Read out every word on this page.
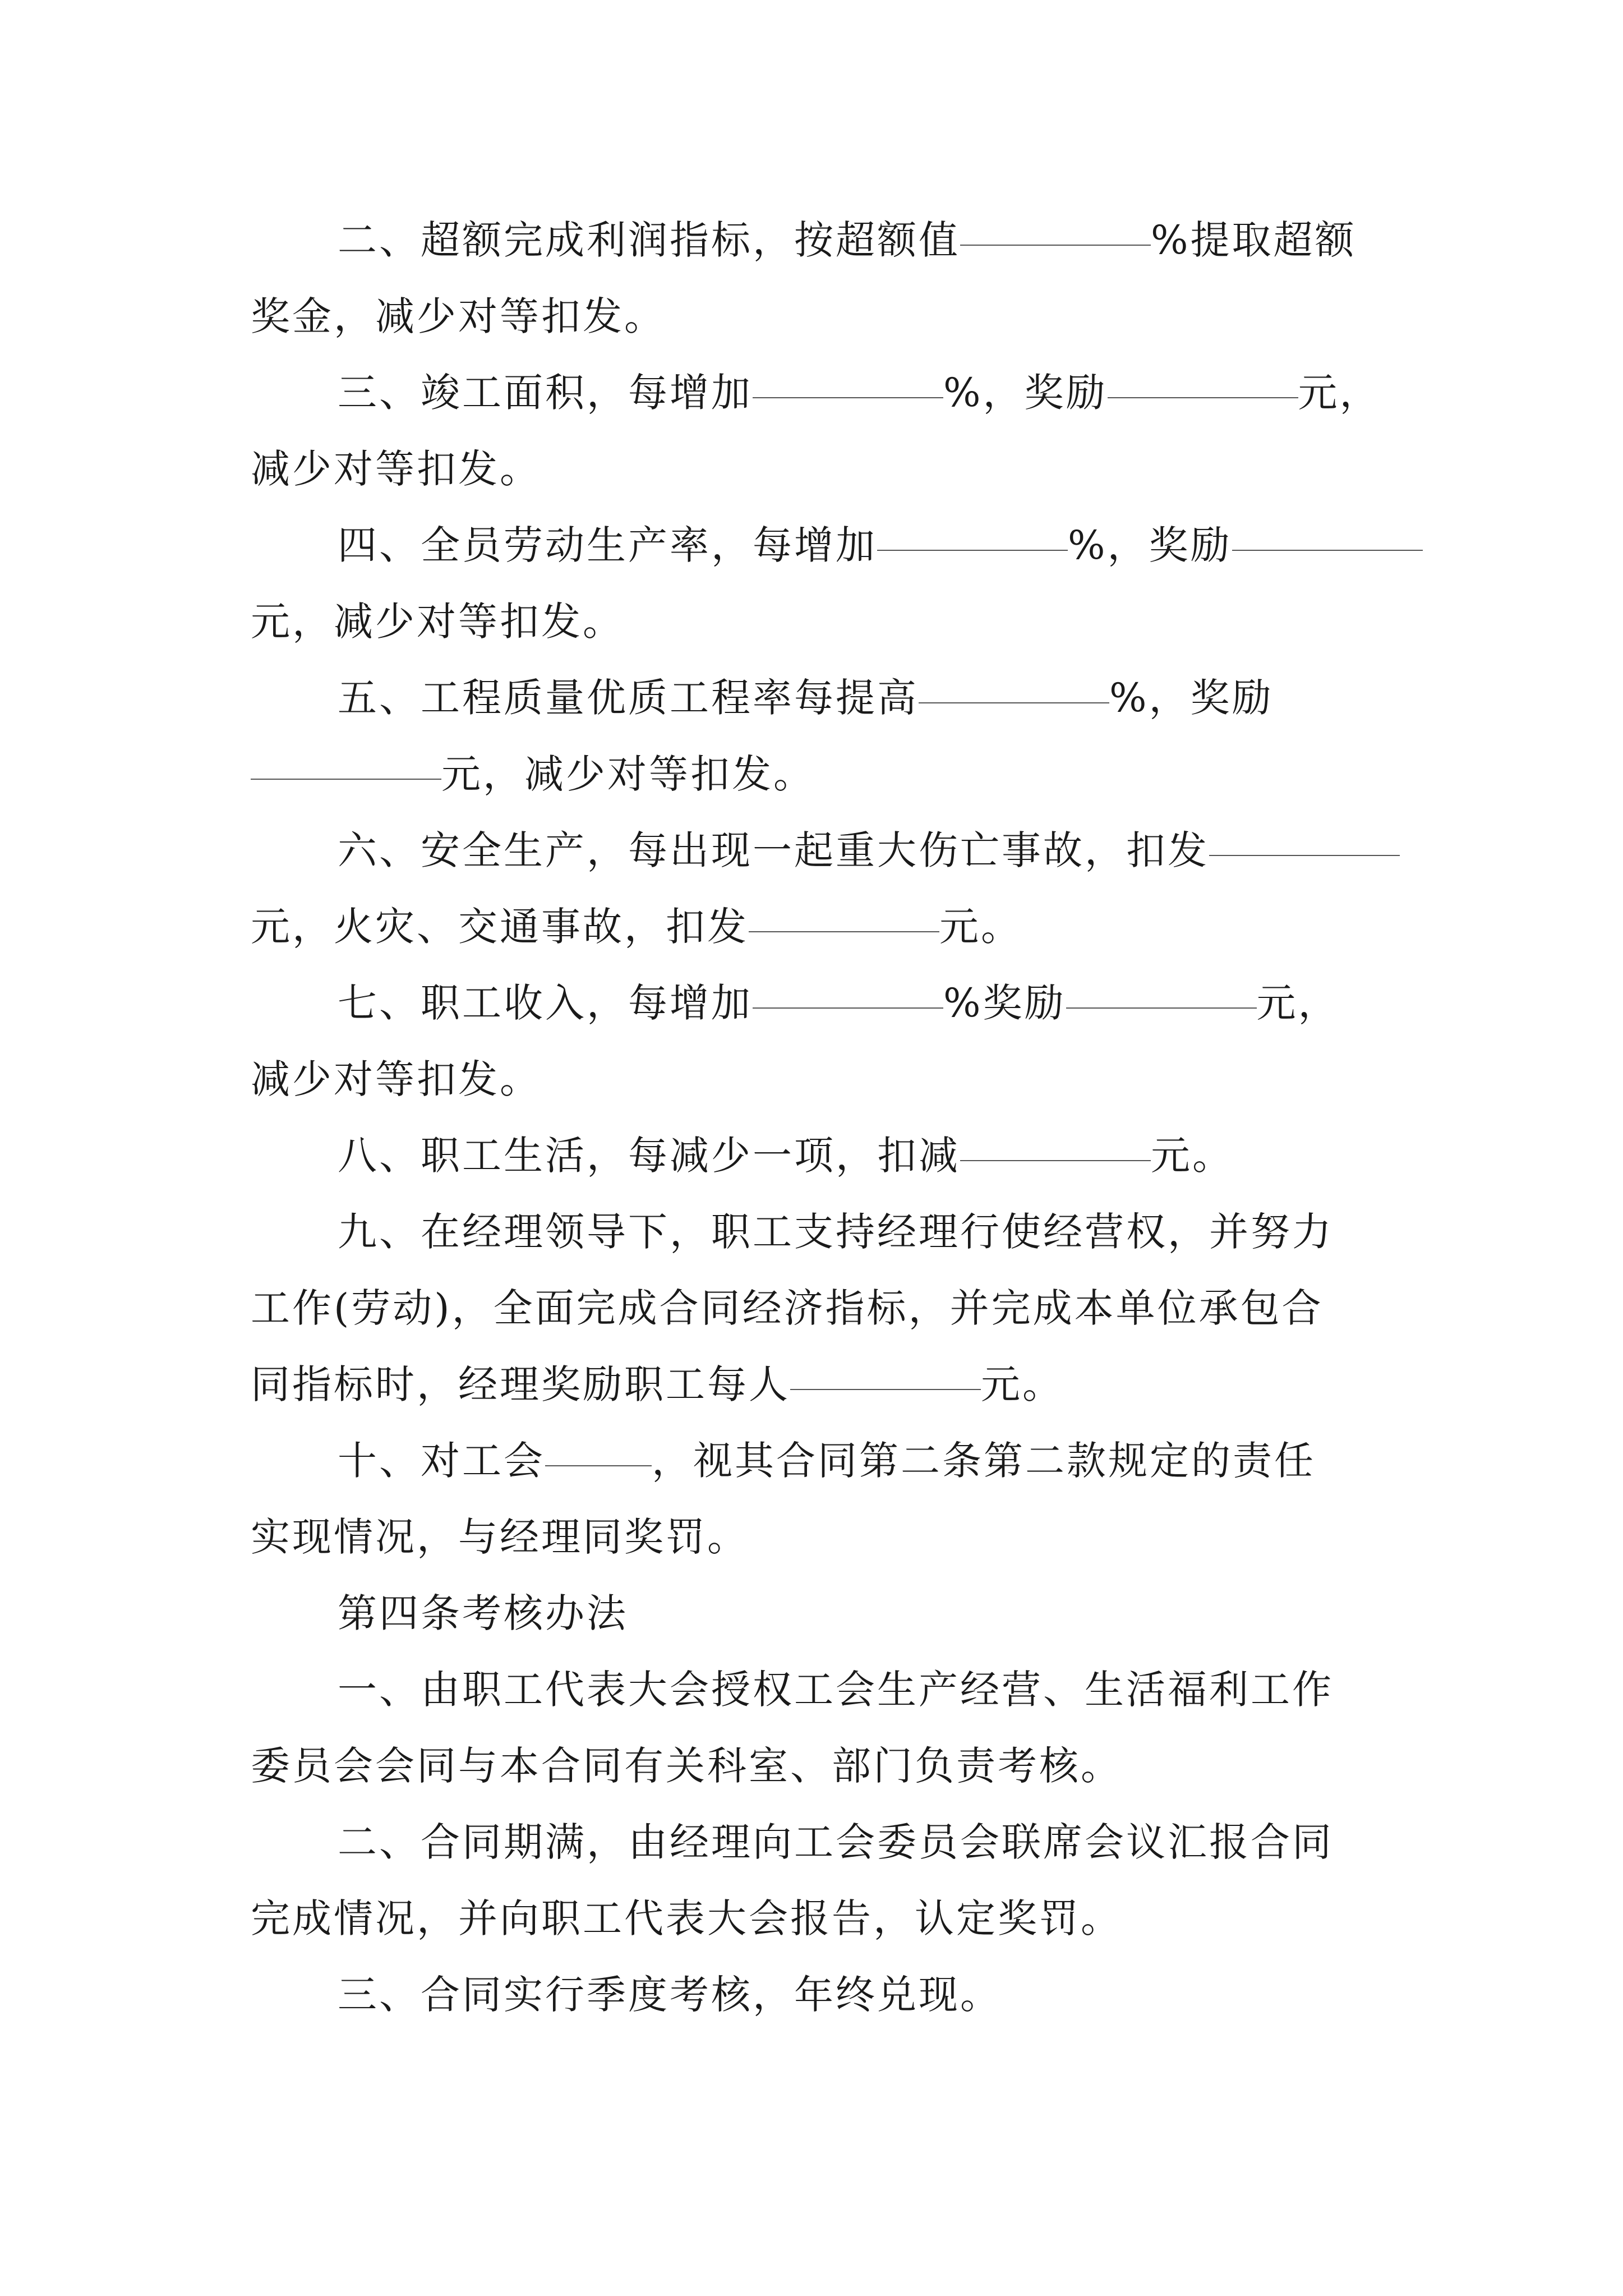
二、超额完成利润指标，按超额值	%提取超额
奖金，减少对等扣发。
三、竣工面积，每增加	%，奖励	元，
减少对等扣发。
四、全员劳动生产率，每增加	%，奖励
元，减少对等扣发。
五、工程质量优质工程率每提高	%，奖励
元，减少对等扣发。
六、安全生产，每出现一起重大伤亡事故，扣发
元，火灾、交通事故，扣发	元。
七、职工收入，每增加	%奖励	元，
减少对等扣发。
八、职工生活，每减少一项，扣减	元。
九、在经理领导下，职工支持经理行使经营权，并努力
工作(劳动)，全面完成合同经济指标，并完成本单位承包合
同指标时，经理奖励职工每人	元。
十、对工会	，视其合同第二条第二款规定的责任
实现情况，与经理同奖罚。
第四条考核办法
一、由职工代表大会授权工会生产经营、生活福利工作
委员会会同与本合同有关科室、部门负责考核。
二、合同期满，由经理向工会委员会联席会议汇报合同
完成情况，并向职工代表大会报告，认定奖罚。
三、合同实行季度考核，年终兑现。
